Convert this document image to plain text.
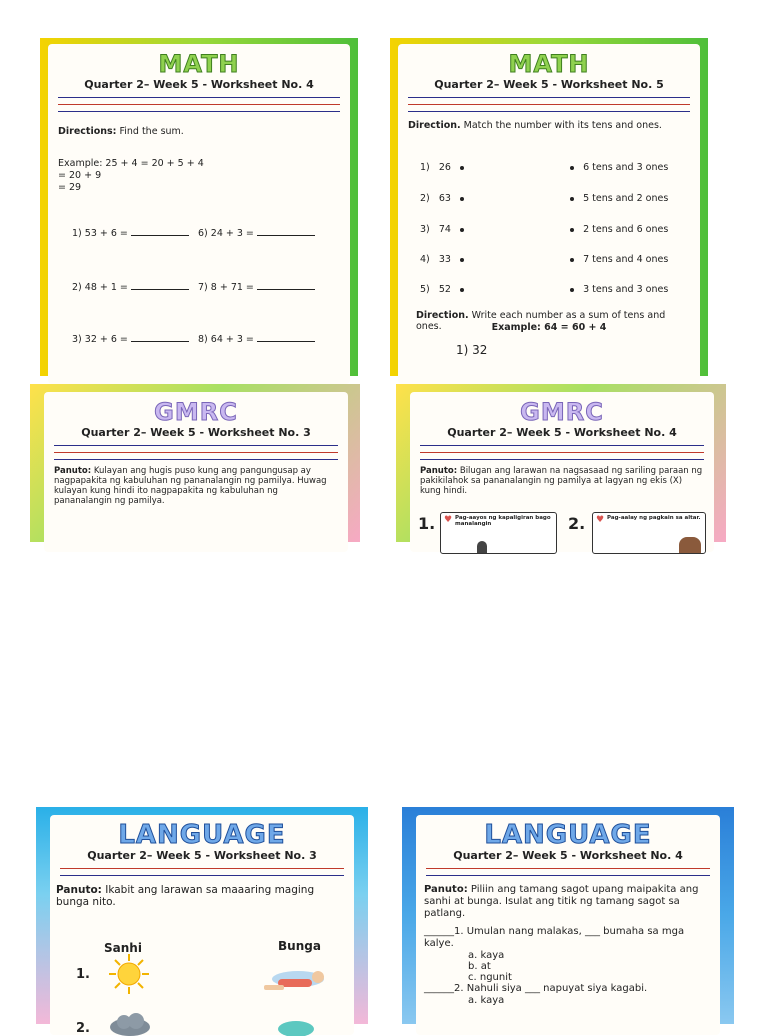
MATH
Quarter 2– Week 5 - Worksheet No. 4
Directions: Find the sum.
Example: 25 + 4 = 20 + 5 + 4
= 20 + 9
= 29
1) 53 + 6 =	6) 24 + 3 =
2) 48 + 1 =	7) 8 + 71 =
3) 32 + 6 =	8) 64 + 3 =
MATH
Quarter 2– Week 5 - Worksheet No. 5
Direction. Match the number with its tens and ones.
1) 26	6 tens and 3 ones
2) 63	5 tens and 2 ones
3) 74	2 tens and 6 ones
4) 33	7 tens and 4 ones
5) 52	3 tens and 3 ones
Direction. Write each number as a sum of tens and ones.	Example: 64 = 60 + 4
1) 32
GMRC
Quarter 2– Week 5 - Worksheet No. 3
Panuto: Kulayan ang hugis puso kung ang pangungusap ay nagpapakita ng kabuluhan ng pananalangin ng pamilya. Huwag kulayan kung hindi ito nagpapakita ng kabuluhan ng pananalangin ng pamilya.
GMRC
Quarter 2– Week 5 - Worksheet No. 4
Panuto: Bilugan ang larawan na nagsasaad ng sariling paraan ng pakikilahok sa pananalangin ng pamilya at lagyan ng ekis (X) kung hindi.
1.	Pag-aayos ng kapaligiran bago manalangin
♥	2.	Pag-aalay ng pagkain sa altar.
♥
LANGUAGE
Quarter 2– Week 5 - Worksheet No. 3
Panuto: Ikabit ang larawan sa maaaring maging bunga nito.
Sanhi	Bunga
1.
2.
LANGUAGE
Quarter 2– Week 5 - Worksheet No. 4
Panuto: Piliin ang tamang sagot upang maipakita ang sanhi at bunga. Isulat ang titik ng tamang sagot sa patlang.
______1. Umulan nang malakas, ___ bumaha sa mga kalye.
a. kaya
b. at
c. ngunit
______2. Nahuli siya ___ napuyat siya kagabi.
a. kaya
